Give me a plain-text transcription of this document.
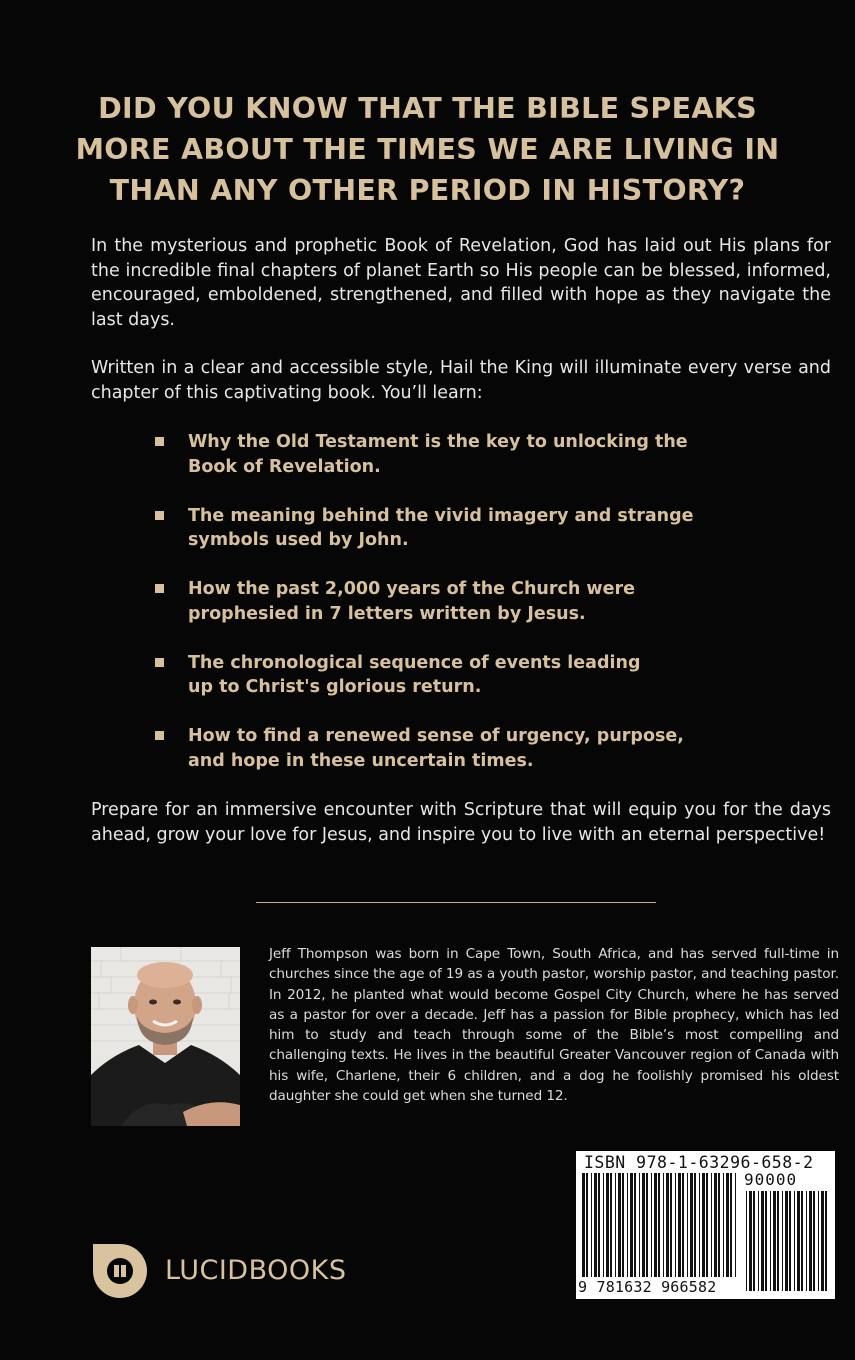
DID YOU KNOW THAT THE BIBLE SPEAKS
MORE ABOUT THE TIMES WE ARE LIVING IN
THAN ANY OTHER PERIOD IN HISTORY?
In the mysterious and prophetic Book of Revelation, God has laid out His plans for the incredible final chapters of planet Earth so His people can be blessed, informed, encouraged, emboldened, strengthened, and filled with hope as they navigate the last days.
Written in a clear and accessible style, Hail the King will illuminate every verse and chapter of this captivating book. You’ll learn:
Why the Old Testament is the key to unlocking the
Book of Revelation.
The meaning behind the vivid imagery and strange
symbols used by John.
How the past 2,000 years of the Church were
prophesied in 7 letters written by Jesus.
The chronological sequence of events leading
up to Christ's glorious return.
How to find a renewed sense of urgency, purpose,
and hope in these uncertain times.
Prepare for an immersive encounter with Scripture that will equip you for the days ahead, grow your love for Jesus, and inspire you to live with an eternal perspective!
Jeff Thompson was born in Cape Town, South Africa, and has served full-time in churches since the age of 19 as a youth pastor, worship pastor, and teaching pastor. In 2012, he planted what would become Gospel City Church, where he has served as a pastor for over a decade. Jeff has a passion for Bible prophecy, which has led him to study and teach through some of the Bible’s most compelling and challenging texts. He lives in the beautiful Greater Vancouver region of Canada with his wife, Charlene, their 6 children, and a dog he foolishly promised his oldest daughter she could get when she turned 12.
LUCIDBOOKS
ISBN 978-1-63296-658-2
90000
9 781632 966582
